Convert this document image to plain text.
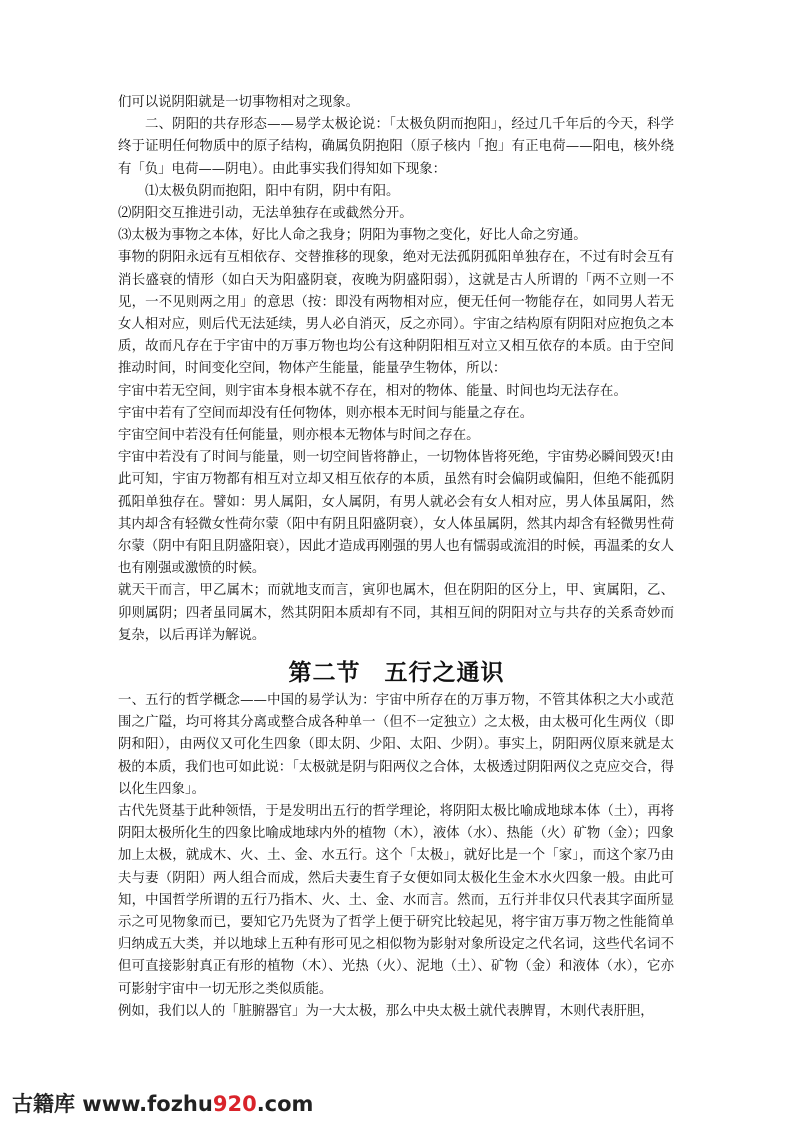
们可以说阴阳就是一切事物相对之现象。

二、阴阳的共存形态——易学太极论说：「太极负阴而抱阳」，经过几千年后的今天，科学终于证明任何物质中的原子结构，确属负阴抱阳（原子核内「抱」有正电荷——阳电，核外绕有「负」电荷——阴电）。由此事实我们得知如下现象：

⑴太极负阴而抱阳，阳中有阴，阴中有阳。

⑵阴阳交互推进引动，无法单独存在或截然分开。

⑶太极为事物之本体，好比人命之我身；阴阳为事物之变化，好比人命之穷通。

事物的阴阳永远有互相依存、交替推移的现象，绝对无法孤阴孤阳单独存在，不过有时会互有消长盛衰的情形（如白天为阳盛阴衰，夜晚为阴盛阳弱），这就是古人所谓的「两不立则一不见，一不见则两之用」的意思（按：即没有两物相对应，便无任何一物能存在，如同男人若无女人相对应，则后代无法延续，男人必自消灭，反之亦同）。宇宙之结构原有阴阳对应抱负之本质，故而凡存在于宇宙中的万事万物也均公有这种阴阳相互对立又相互依存的本质。由于空间推动时间，时间变化空间，物体产生能量，能量孕生物体，所以：

宇宙中若无空间，则宇宙本身根本就不存在，相对的物体、能量、时间也均无法存在。

宇宙中若有了空间而却没有任何物体，则亦根本无时间与能量之存在。

宇宙空间中若没有任何能量，则亦根本无物体与时间之存在。

宇宙中若没有了时间与能量，则一切空间皆将静止，一切物体皆将死绝，宇宙势必瞬间毁灭!由此可知，宇宙万物都有相互对立却又相互依存的本质，虽然有时会偏阴或偏阳，但绝不能孤阴孤阳单独存在。譬如：男人属阳，女人属阴，有男人就必会有女人相对应，男人体虽属阳，然其内却含有轻微女性荷尔蒙（阳中有阴且阳盛阴衰），女人体虽属阴，然其内却含有轻微男性荷尔蒙（阴中有阳且阴盛阳衰），因此才造成再刚强的男人也有懦弱或流泪的时候，再温柔的女人也有刚强或激愤的时候。

就天干而言，甲乙属木；而就地支而言，寅卯也属木，但在阴阳的区分上，甲、寅属阳，乙、卯则属阴；四者虽同属木，然其阴阳本质却有不同，其相互间的阴阳对立与共存的关系奇妙而复杂，以后再详为解说。

第二节　五行之通识

一、五行的哲学概念——中国的易学认为：宇宙中所存在的万事万物，不管其体积之大小或范围之广隘，均可将其分离或整合成各种单一（但不一定独立）之太极，由太极可化生两仪（即阴和阳），由两仪又可化生四象（即太阴、少阳、太阳、少阴）。事实上，阴阳两仪原来就是太极的本质，我们也可如此说：「太极就是阴与阳两仪之合体，太极透过阴阳两仪之克应交合，得以化生四象」。

古代先贤基于此种领悟，于是发明出五行的哲学理论，将阴阳太极比喻成地球本体（土），再将阴阳太极所化生的四象比喻成地球内外的植物（木），液体（水）、热能（火）矿物（金）；四象加上太极，就成木、火、土、金、水五行。这个「太极」，就好比是一个「家」，而这个家乃由夫与妻（阴阳）两人组合而成，然后夫妻生育子女便如同太极化生金木水火四象一般。由此可知，中国哲学所谓的五行乃指木、火、土、金、水而言。然而，五行并非仅只代表其字面所显示之可见物象而已，要知它乃先贤为了哲学上便于研究比较起见，将宇宙万事万物之性能简单归纳成五大类，并以地球上五种有形可见之相似物为影射对象所设定之代名词，这些代名词不但可直接影射真正有形的植物（木）、光热（火）、泥地（土）、矿物（金）和液体（水），它亦可影射宇宙中一切无形之类似质能。

例如，我们以人的「脏腑器官」为一大太极，那么中央太极土就代表脾胃，木则代表肝胆，

古籍库 www.fozhu920.com
